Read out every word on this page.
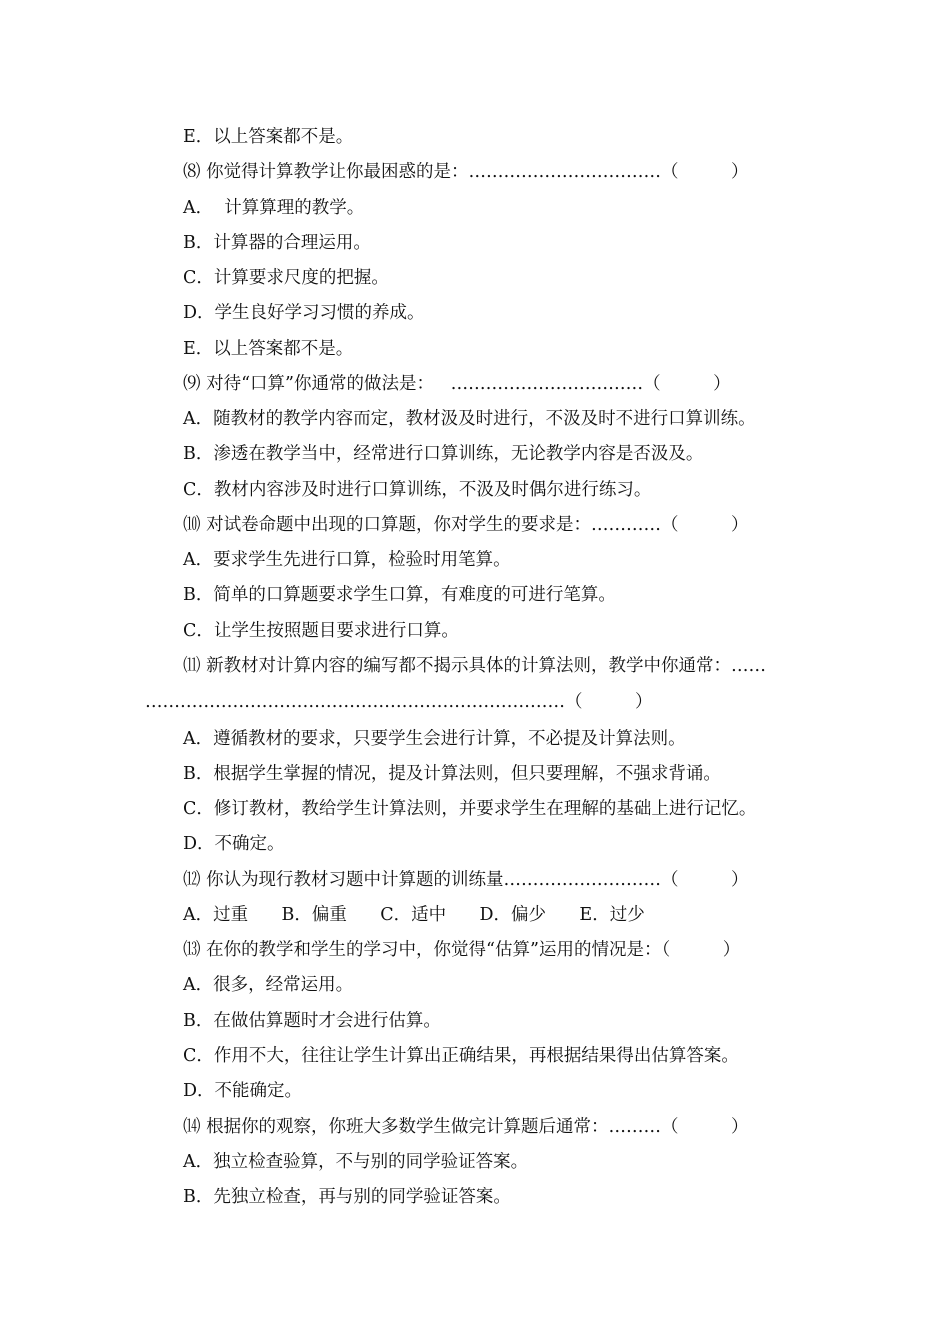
E．以上答案都不是。
⑻ 你觉得计算教学让你最困惑的是：……………………………（　　　）
A．  计算算理的教学。
B．计算器的合理运用。
C．计算要求尺度的把握。
D．学生良好学习习惯的养成。
E．以上答案都不是。
⑼ 对待“口算”你通常的做法是：   ……………………………（　　　）
A．随教材的教学内容而定，教材汲及时进行，不汲及时不进行口算训练。
B．渗透在教学当中，经常进行口算训练，无论教学内容是否汲及。
C．教材内容涉及时进行口算训练，不汲及时偶尔进行练习。
⑽ 对试卷命题中出现的口算题，你对学生的要求是：…………（　　　）
A．要求学生先进行口算，检验时用笔算。
B．简单的口算题要求学生口算，有难度的可进行笔算。
C．让学生按照题目要求进行口算。
⑾ 新教材对计算内容的编写都不揭示具体的计算法则，教学中你通常：……
………………………………………………………………（　　　）
A．遵循教材的要求，只要学生会进行计算，不必提及计算法则。
B．根据学生掌握的情况，提及计算法则，但只要理解，不强求背诵。
C．修订教材，教给学生计算法则，并要求学生在理解的基础上进行记忆。
D．不确定。
⑿ 你认为现行教材习题中计算题的训练量………………………（　　　）
A．过重      B．偏重      C．适中      D．偏少      E．过少
⒀ 在你的教学和学生的学习中，你觉得“估算”运用的情况是：（　　　）
A．很多，经常运用。
B．在做估算题时才会进行估算。
C．作用不大，往往让学生计算出正确结果，再根据结果得出估算答案。
D．不能确定。
⒁ 根据你的观察，你班大多数学生做完计算题后通常：………（　　　）
A．独立检查验算，不与别的同学验证答案。
B．先独立检查，再与别的同学验证答案。
